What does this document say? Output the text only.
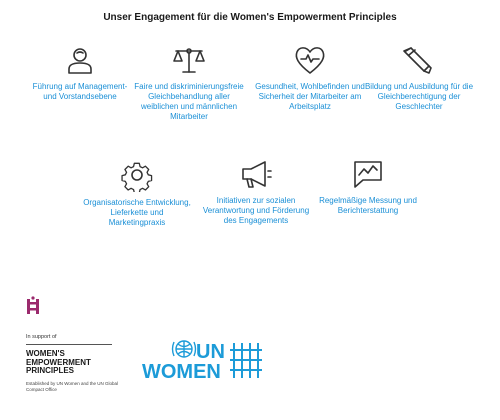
Unser Engagement für die Women's Empowerment Principles
Führung auf Management- und Vorstandsebene
Faire und diskriminierungsfreie Gleichbehandlung aller weiblichen und männlichen Mitarbeiter
Gesundheit, Wohlbefinden und Sicherheit der Mitarbeiter am Arbeitsplatz
Bildung und Ausbildung für die Gleichberechtigung der Geschlechter
Organisatorische Entwicklung, Lieferkette und Marketingpraxis
Initiativen zur sozialen Verantwortung und Förderung des Engagements
Regelmäßige Messung und Berichterstattung
In support of
WOMEN'S
EMPOWERMENT
PRINCIPLES
Established by UN Women and the UN Global Compact Office
UN
WOMEN
